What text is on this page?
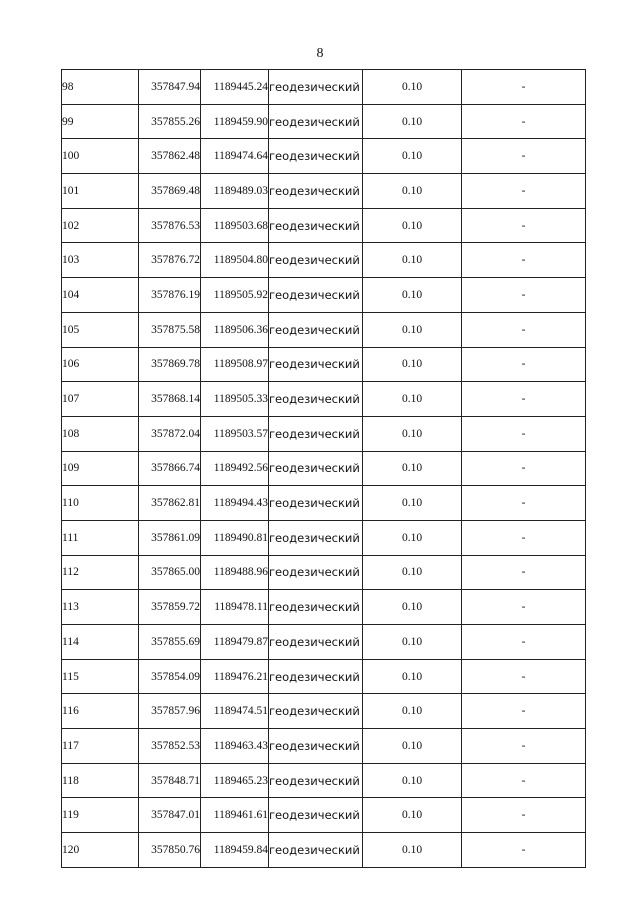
8
98	357847.94	1189445.24	геодезический	0.10	-
99	357855.26	1189459.90	геодезический	0.10	-
100	357862.48	1189474.64	геодезический	0.10	-
101	357869.48	1189489.03	геодезический	0.10	-
102	357876.53	1189503.68	геодезический	0.10	-
103	357876.72	1189504.80	геодезический	0.10	-
104	357876.19	1189505.92	геодезический	0.10	-
105	357875.58	1189506.36	геодезический	0.10	-
106	357869.78	1189508.97	геодезический	0.10	-
107	357868.14	1189505.33	геодезический	0.10	-
108	357872.04	1189503.57	геодезический	0.10	-
109	357866.74	1189492.56	геодезический	0.10	-
110	357862.81	1189494.43	геодезический	0.10	-
111	357861.09	1189490.81	геодезический	0.10	-
112	357865.00	1189488.96	геодезический	0.10	-
113	357859.72	1189478.11	геодезический	0.10	-
114	357855.69	1189479.87	геодезический	0.10	-
115	357854.09	1189476.21	геодезический	0.10	-
116	357857.96	1189474.51	геодезический	0.10	-
117	357852.53	1189463.43	геодезический	0.10	-
118	357848.71	1189465.23	геодезический	0.10	-
119	357847.01	1189461.61	геодезический	0.10	-
120	357850.76	1189459.84	геодезический	0.10	-
